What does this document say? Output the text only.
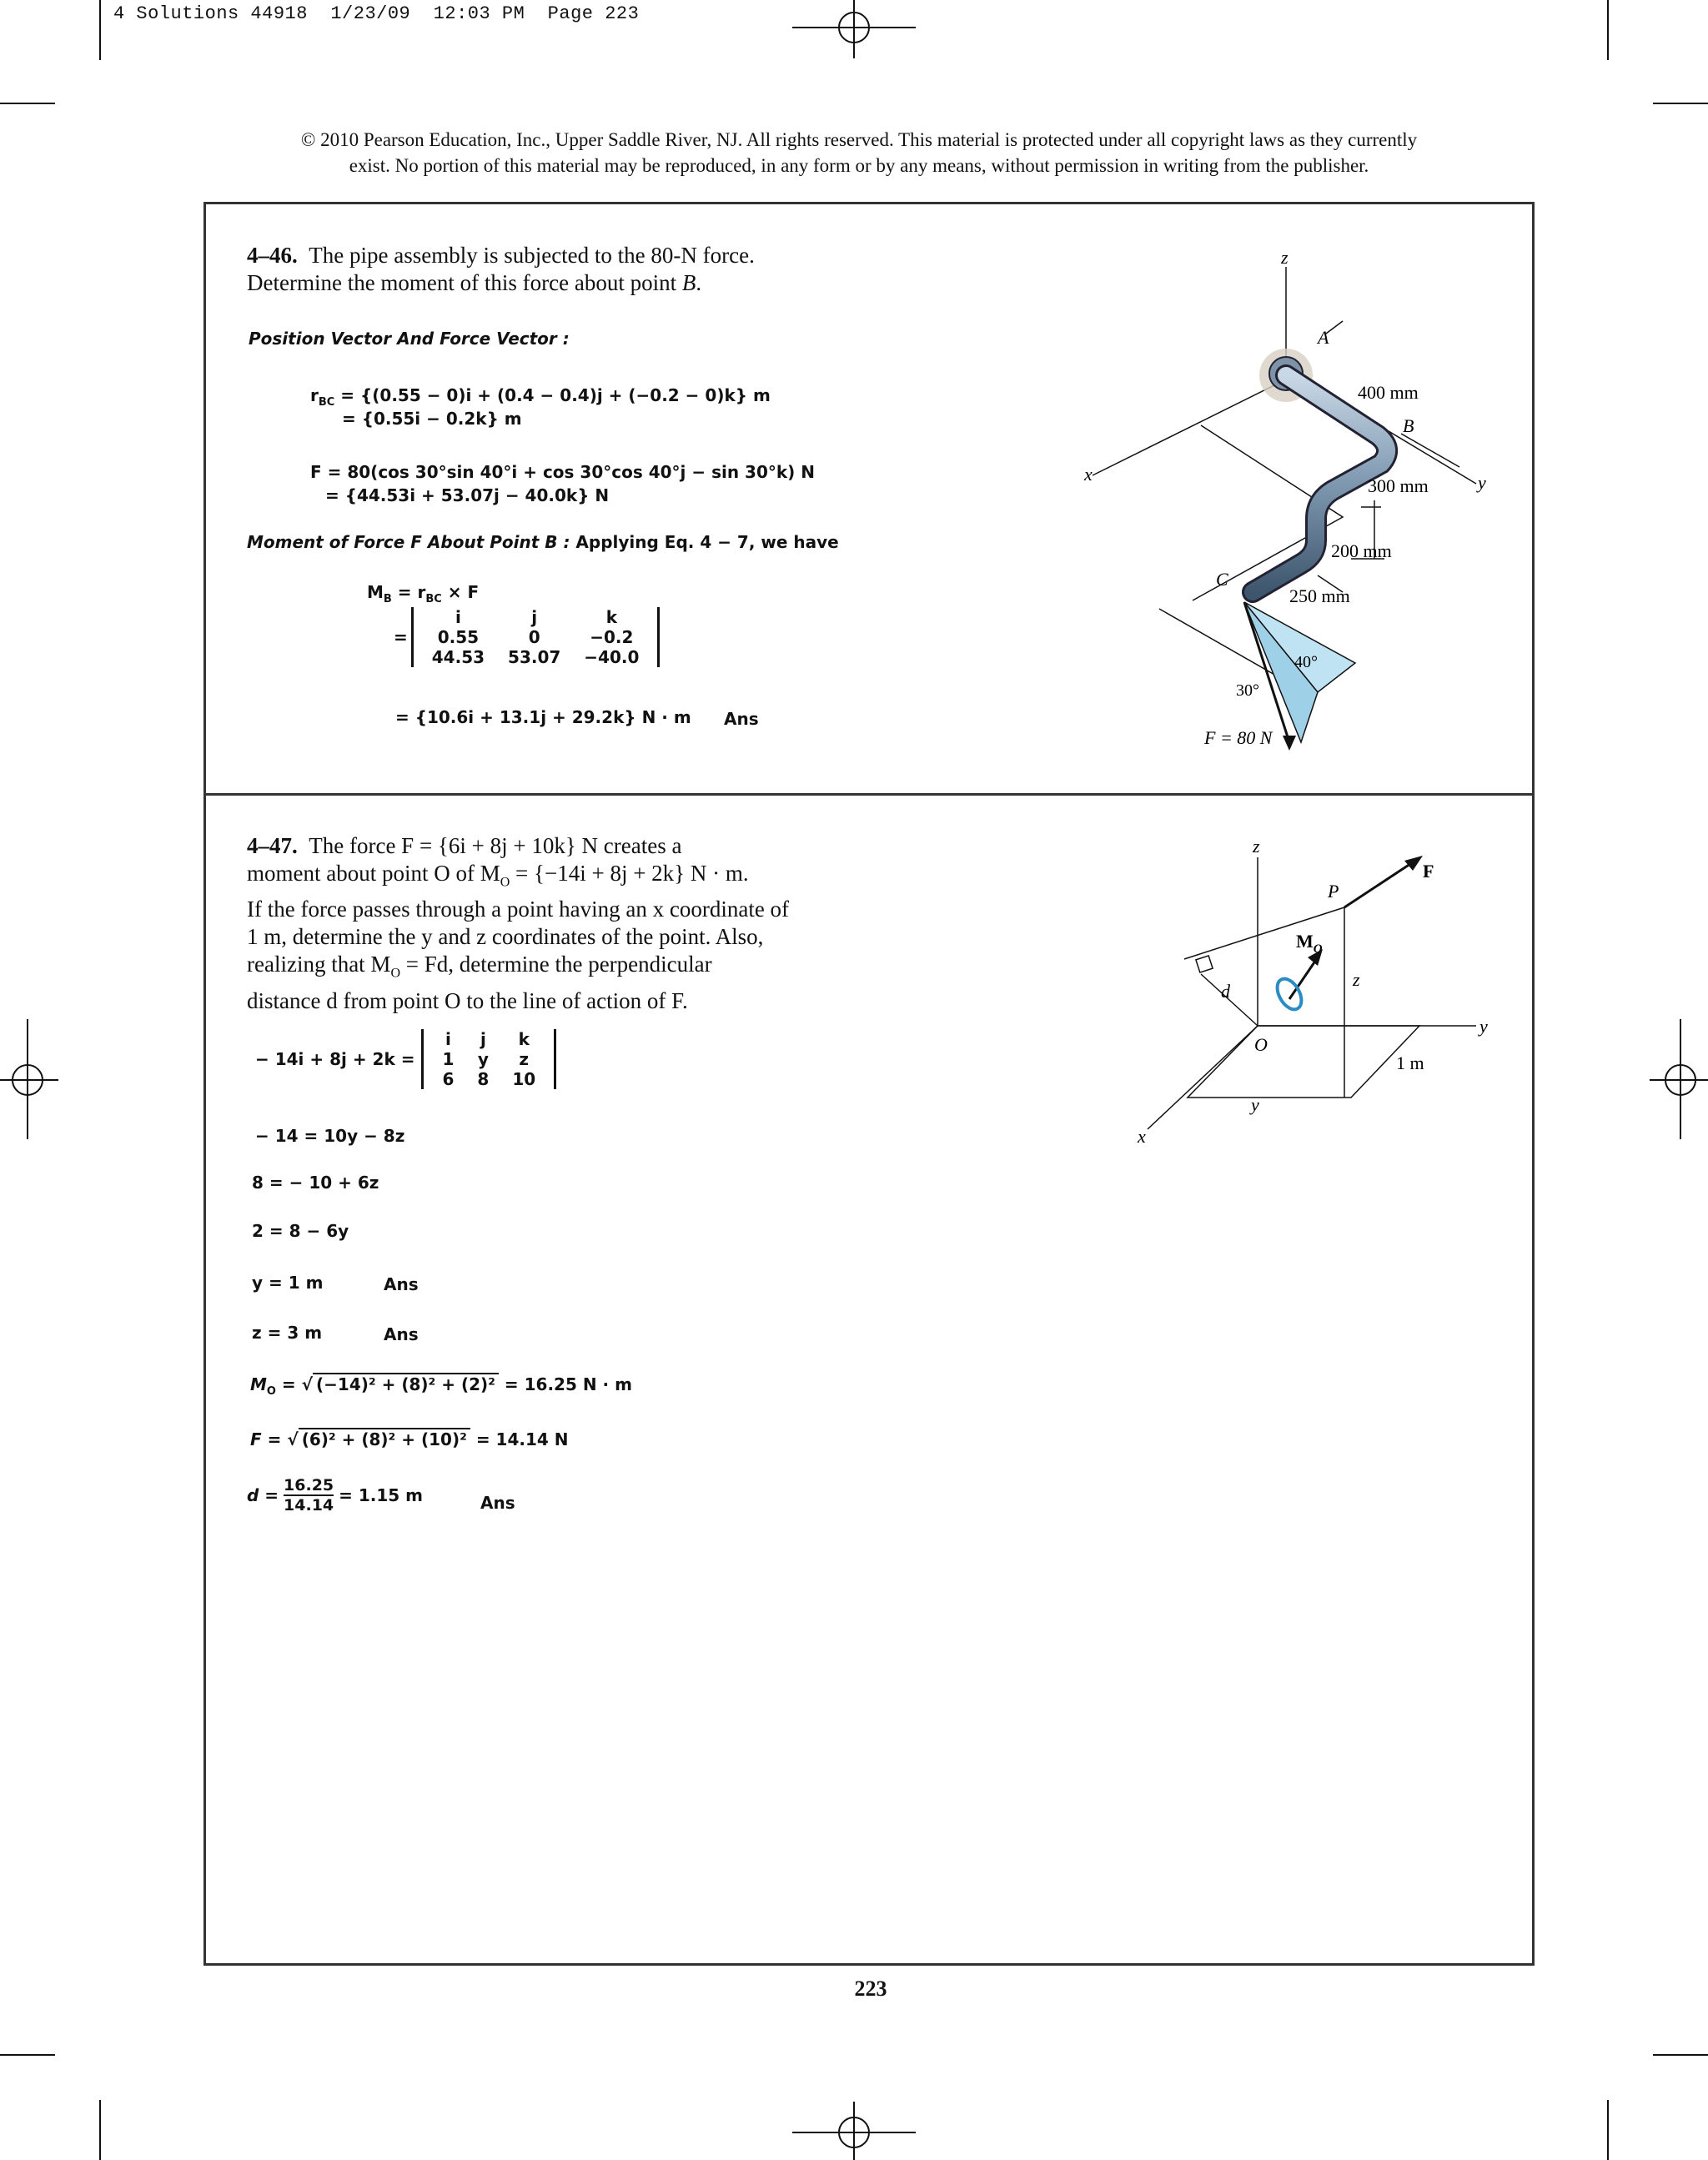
4 Solutions 44918  1/23/09  12:03 PM  Page 223
© 2010 Pearson Education, Inc., Upper Saddle River, NJ. All rights reserved. This material is protected under all copyright laws as they currently
exist. No portion of this material may be reproduced, in any form or by any means, without permission in writing from the publisher.
4–46. The pipe assembly is subjected to the 80-N force.
Determine the moment of this force about point B.
Position Vector And Force Vector :
$r_{BC} = \{(0.55 - 0)i + (0.4 - 0.4)j + (-0.2 - 0)k\}$ m
= {0.55i − 0.2k} m
F = 80(cos 30°sin 40°i + cos 30°cos 40°j − sin 30°k) N
= {44.53i + 53.07j − 40.0k} N
Moment of Force F About Point B : Applying Eq. 4 − 7, we have
$M_B = r_{BC} \times F$
=
i	j	k
0.55	0	−0.2
44.53	53.07	−40.0
= {10.6i + 13.1j + 29.2k} N · m Ans
z
x	y
A
B
C
400 mm
300 mm
200 mm
250 mm
40°
30°
F = 80 N
4–47. The force F = {6i + 8j + 10k} N creates a
moment about point O of $M_O = \{-14i + 8j + 2k\} N \cdot m$.
If the force passes through a point having an x coordinate of
1 m, determine the y and z coordinates of the point. Also,
realizing that $M_O = Fd$, determine the perpendicular
distance d from point O to the line of action of F.
− 14i + 8j + 2k =
i	j	k
1	y	z
6	8	10
− 14 = 10y − 8z
8 = − 10 + 6z
2 = 8 − 6y
y = 1 m	Ans
z = 3 m	Ans
$M_O$ = √ (−14)² + (8)² + (2)² = 16.25 N · m
F = √ (6)² + (8)² + (10)² = 14.14 N
$d = \frac{16.25}{14.14} = 1.15$ m	Ans
z
x
y
P
F
$M_O$
d
O
z
1 m
y
223
